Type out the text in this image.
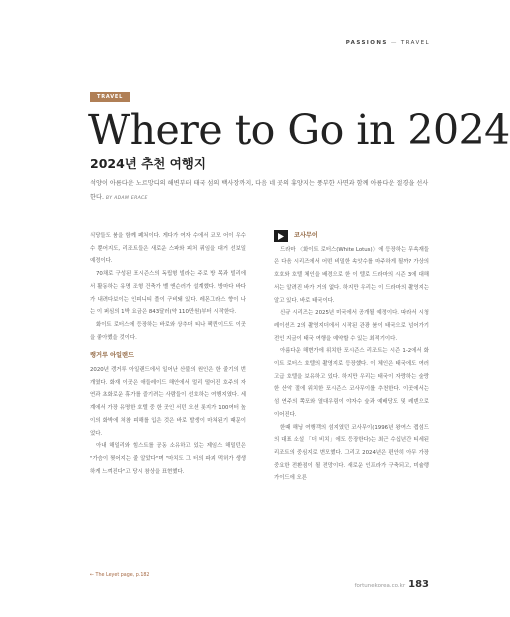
PASSIONS — TRAVEL
TRAVEL
Where to Go in 2024
2024년 추천 여행지
석양이 아름다운 노르망디의 해변부터 태국 섬의 백사장까지, 다음 네 곳의 휴양지는 풍부한 사면과 함께 아름다운 절경을 선사한다. BY ADAM ERACE

식당들도 붐을 함께 폐쳐이다. 게다가 여자 수에서 코모 어이 우수수 뿐어지도, 리조트들은 새로운 스파와 피처 퓌임을 대거 선보일 예정이다.

70채로 구성된 포시즌스의 독립형 빌라는 주로 방 목과 빌리에서 활동하는 유명 조형 건축가 벨 앤슨러가 설계했다. 방마다 바다가 내려다보이는 인피니티 풀이 구비돼 있다. 레몬그라스 향이 나는 이 퍼심의 1박 요금은 843달러(약 110만원)부터 시작한다.

화이트 로터스에 등장하는 바로와 상추더 티나 팩퀸이드도 이곳을 좋아했을 것이다.

랭거루 아일랜드

2020년 캥거루 아일랜드에서 일어난 산불의 원인은 한 줄기의 번개였다. 화재 이곳은 애들레이드 해안에서 멀리 떨어진 호주의 자연과 초화로운 휴가를 즐기려는 사람들이 선호하는 여행지였다. 세계에서 가장 유명한 호텔 중 한 곳인 서던 오션 롯지가 100여터 높이의 화박에 처참 피해를 입은 것은 바로 발생이 마쳐된기 때문이었다.

아내 해일리와 힘스트를 공동 소유하고 있는 제임스 해밀턴은 "가슴이 찢어지는 줄 알았다"며 "마치도 그 터의 파괴 먹허가 생생하게 느껴진다"고 당시 참상을 표현했다.

코사무이

드라마 〈화이트 로터스(White Lotus)〉에 등장하는 무속재들은 다음 시리즈에서 어떤 비밀한 속앗수를 마주하게 될까? 가상의 호호와 호텔 체인을 배경으로 한 이 텔로 드라마의 시즌 3에 대해서는 알려진 바가 거의 없다. 하지만 우리는 이 드라마의 촬영지는 알고 있다. 바로 태국이다.

신규 시리즈는 2025년 미국에서 공개될 예정이다. 따라서 시청레이션즈 2의 촬영지더에서 시작된 관광 붐이 태국으로 넘어가기 전인 지금이 태국 여행을 예약할 수 있는 최적기이다.

아름다운 해변가에 위치한 포시즌스 리조트는 시즌 1-2에서 화이트 로터스 호텔의 촬영지로 등장했다. 이 체인은 태국에도 여러 고급 호텔을 보유하고 있다. 하지만 우리는 태국이 자랑하는 숲랑한 산악 절에 위치한 포시즌스 코사무이를 추천한다. 이곳에서는 섬 연주의 쪽포와 열대우림이 야자수 숲과 예배당도 및 레덴으로 이어진다.

한때 해닝 여행객의 섬지였던 코사무이(1996년 왕여스 캡섬드의 대표 소설 「더 비치」에도 등장한다)는 최근 수십년간 티세된 리조트의 중심지로 변모했다. 그리고 2024년은 편안히 아무 가장 중요한 전환점이 될 전망이다. 새로운 인프라가 구축되고, 미슐랭 가이드에 오른

← The Leyet page, p.182
fortunekorea.co.kr 183
